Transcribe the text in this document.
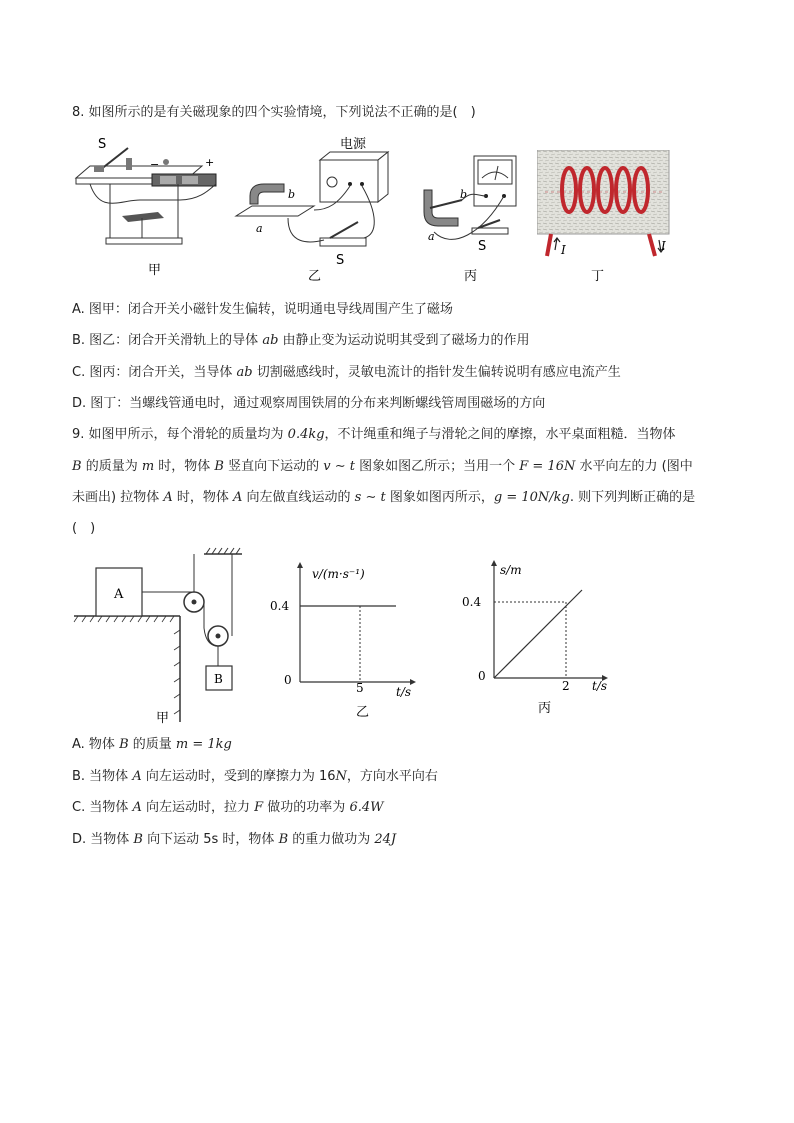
8. 如图所示的是有关磁现象的四个实验情境，下列说法不正确的是(　)
S
−	+
甲
电源
b
a
S
乙
b
a
S
丙
I	I
丁
A. 图甲：闭合开关小磁针发生偏转，说明通电导线周围产生了磁场
B. 图乙：闭合开关滑轨上的导体 ab 由静止变为运动说明其受到了磁场力的作用
C. 图丙：闭合开关，当导体 ab 切割磁感线时，灵敏电流计的指针发生偏转说明有感应电流产生
D. 图丁：当螺线管通电时，通过观察周围铁屑的分布来判断螺线管周围磁场的方向
9. 如图甲所示，每个滑轮的质量均为 0.4kg，不计绳重和绳子与滑轮之间的摩擦，水平桌面粗糙．当物体
B 的质量为 m 时，物体 B 竖直向下运动的 v ∼ t 图象如图乙所示；当用一个 F = 16N 水平向左的力 (图中
未画出) 拉物体 A 时，物体 A 向左做直线运动的 s ∼ t 图象如图丙所示，g = 10N/kg. 则下列判断正确的是
(　)
A
B
甲
v/(m·s⁻¹)
0.4
0
5	t/s
乙
s/m
0.4
0
2 t/s
丙
A. 物体 B 的质量 m = 1kg
B. 当物体 A 向左运动时，受到的摩擦力为 16N，方向水平向右
C. 当物体 A 向左运动时，拉力 F 做功的功率为 6.4W
D. 当物体 B 向下运动 5s 时，物体 B 的重力做功为 24J
